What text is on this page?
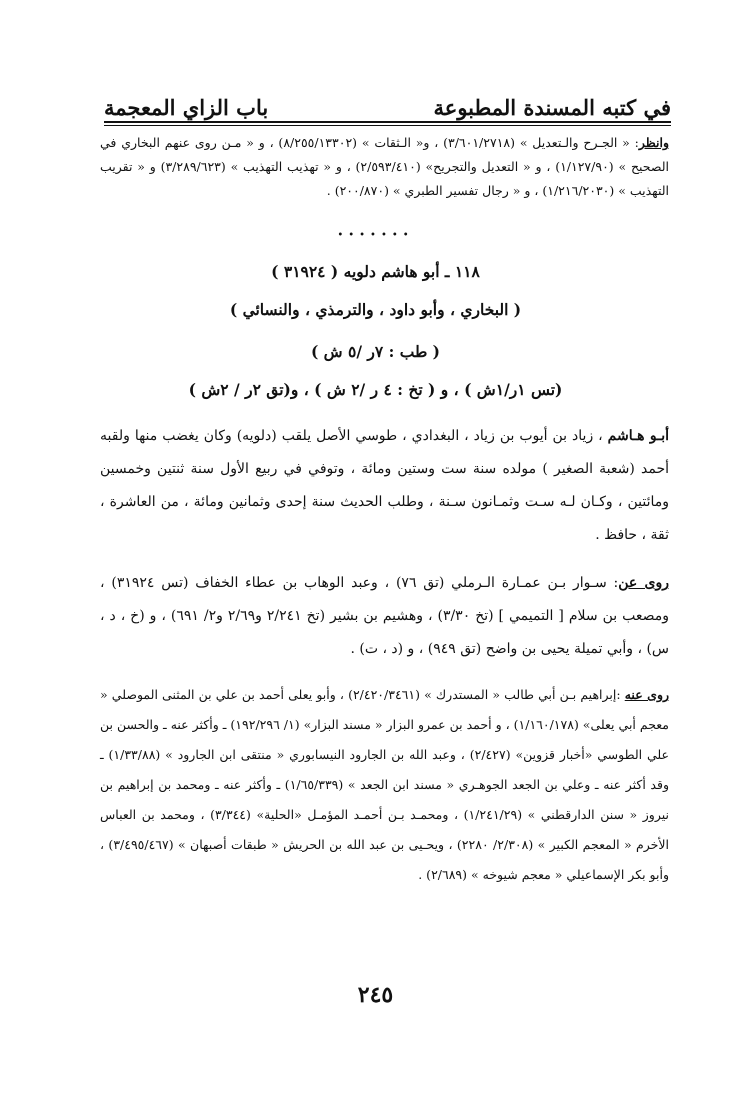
في كتبه المسندة المطبوعة
باب الزاي المعجمة

وانظر: « الجـرح والـتعديل » (٣/٦٠١/٢٧١٨) ، و« الـثقات » (٨/٢٥٥/١٣٣٠٢) ، و « مـن روى عنهم البخاري في الصحيح » (١/١٢٧/٩٠) ، و « التعديل والتجريح» (٢/٥٩٣/٤١٠) ، و « تهذيب التهذيب » (٣/٢٨٩/٦٢٣) و « تقريب التهذيب » (١/٢١٦/٢٠٣٠) ، و « رجال تفسير الطبري » (٢٠٠/٨٧٠) .

•••••••
١١٨ ـ أبو هاشم دلويه ( ٣١٩٢٤ )
( البخاري ، وأبو داود ، والترمذي ، والنسائي )
( طب : ٧ر /٥ ش )
(تس ١ر/١ش ) ، و ( تخ : ٤ ر /٢ ش ) ، و(تق ٢ر / ٢ش )

أبـو هـاشم ، زياد بن أيوب بن زياد ، البغدادي ، طوسي الأصل يلقب (دلويه) وكان يغضب منها ولقبه أحمد (شعبة الصغير ) مولده سنة ست وستين ومائة ، وتوفي في ربيع الأول سنة ثنتين وخمسين ومائتين ، وكـان لـه سـت وثمـانون سـنة ، وطلب الحديث سنة إحدى وثمانين ومائة ، من العاشرة ، ثقة ، حافظ .

روى عن: سـوار بـن عمـارة الـرملي (تق ٧٦) ، وعبد الوهاب بن عطاء الخفاف (تس ٣١٩٢٤) ، ومصعب بن سلام [ التميمي ] (تخ ٣/٣٠) ، وهشيم بن بشير (تخ ٢/٢٤١ و٢/٦٩ و٢/ ٦٩١) ، و (خ ، د ، س) ، وأبي تميلة يحيى بن واضح (تق ٩٤٩) ، و (د ، ت) .

روى عنه :إبراهيم بـن أبي طالب « المستدرك » (٢/٤٢٠/٣٤٦١) ، وأبو يعلى أحمد بن علي بن المثنى الموصلي « معجم أبي يعلى» (١/١٦٠/١٧٨) ، و أحمد بن عمرو البزار « مسند البزار» (١/ ١٩٢/٢٩٦) ـ وأكثر عنه ـ والحسن بن علي الطوسي «أخبار قزوين» (٢/٤٢٧) ، وعبد الله بن الجارود النيسابوري « منتقى ابن الجارود » (١/٣٣/٨٨) ـ وقد أكثر عنه ـ وعلي بن الجعد الجوهـري « مسند ابن الجعد » (١/٦٥/٣٣٩) ـ وأكثر عنه ـ ومحمد بن إبراهيم بن نيروز « سنن الدارقطني » (١/٢٤١/٢٩) ، ومحمـد بـن أحمـد المؤمـل «الحلية» (٣/٣٤٤) ، ومحمد بن العباس الأخرم « المعجم الكبير » (٢/٣٠٨/ ٢٢٨٠) ، ويحـيى بن عبد الله بن الحريش « طبقات أصبهان » (٣/٤٩٥/٤٦٧) ، وأبو بكر الإسماعيلي « معجم شيوخه » (٢/٦٨٩) .

٢٤٥
